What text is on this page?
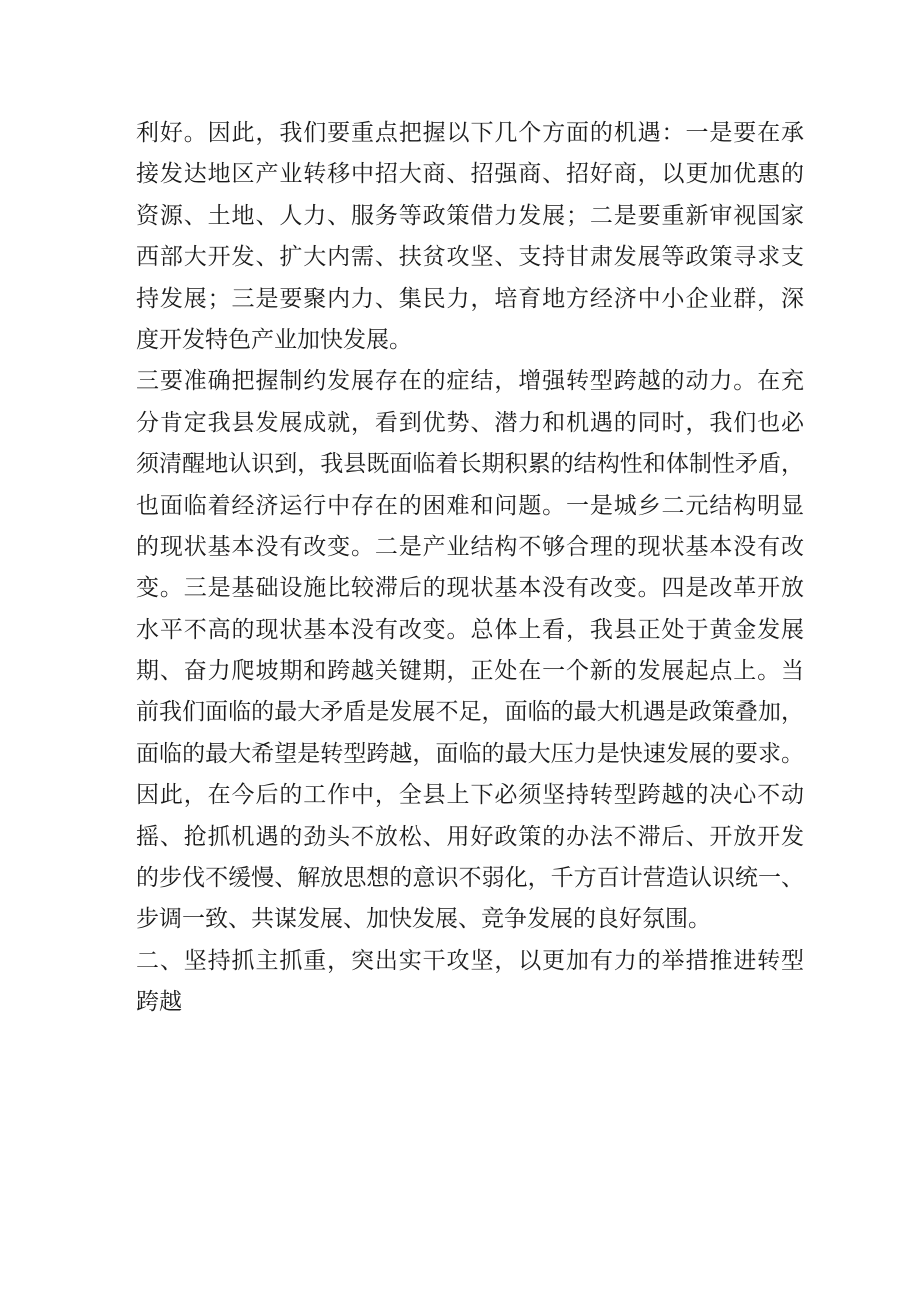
利好。因此，我们要重点把握以下几个方面的机遇：一是要在承
接发达地区产业转移中招大商、招强商、招好商，以更加优惠的
资源、土地、人力、服务等政策借力发展；二是要重新审视国家
西部大开发、扩大内需、扶贫攻坚、支持甘肃发展等政策寻求支
持发展；三是要聚内力、集民力，培育地方经济中小企业群，深
度开发特色产业加快发展。
三要准确把握制约发展存在的症结，增强转型跨越的动力。在充
分肯定我县发展成就，看到优势、潜力和机遇的同时，我们也必
须清醒地认识到，我县既面临着长期积累的结构性和体制性矛盾，
也面临着经济运行中存在的困难和问题。一是城乡二元结构明显
的现状基本没有改变。二是产业结构不够合理的现状基本没有改
变。三是基础设施比较滞后的现状基本没有改变。四是改革开放
水平不高的现状基本没有改变。总体上看，我县正处于黄金发展
期、奋力爬坡期和跨越关键期，正处在一个新的发展起点上。当
前我们面临的最大矛盾是发展不足，面临的最大机遇是政策叠加，
面临的最大希望是转型跨越，面临的最大压力是快速发展的要求。
因此，在今后的工作中，全县上下必须坚持转型跨越的决心不动
摇、抢抓机遇的劲头不放松、用好政策的办法不滞后、开放开发
的步伐不缓慢、解放思想的意识不弱化，千方百计营造认识统一、
步调一致、共谋发展、加快发展、竞争发展的良好氛围。
二、坚持抓主抓重，突出实干攻坚，以更加有力的举措推进转型
跨越
